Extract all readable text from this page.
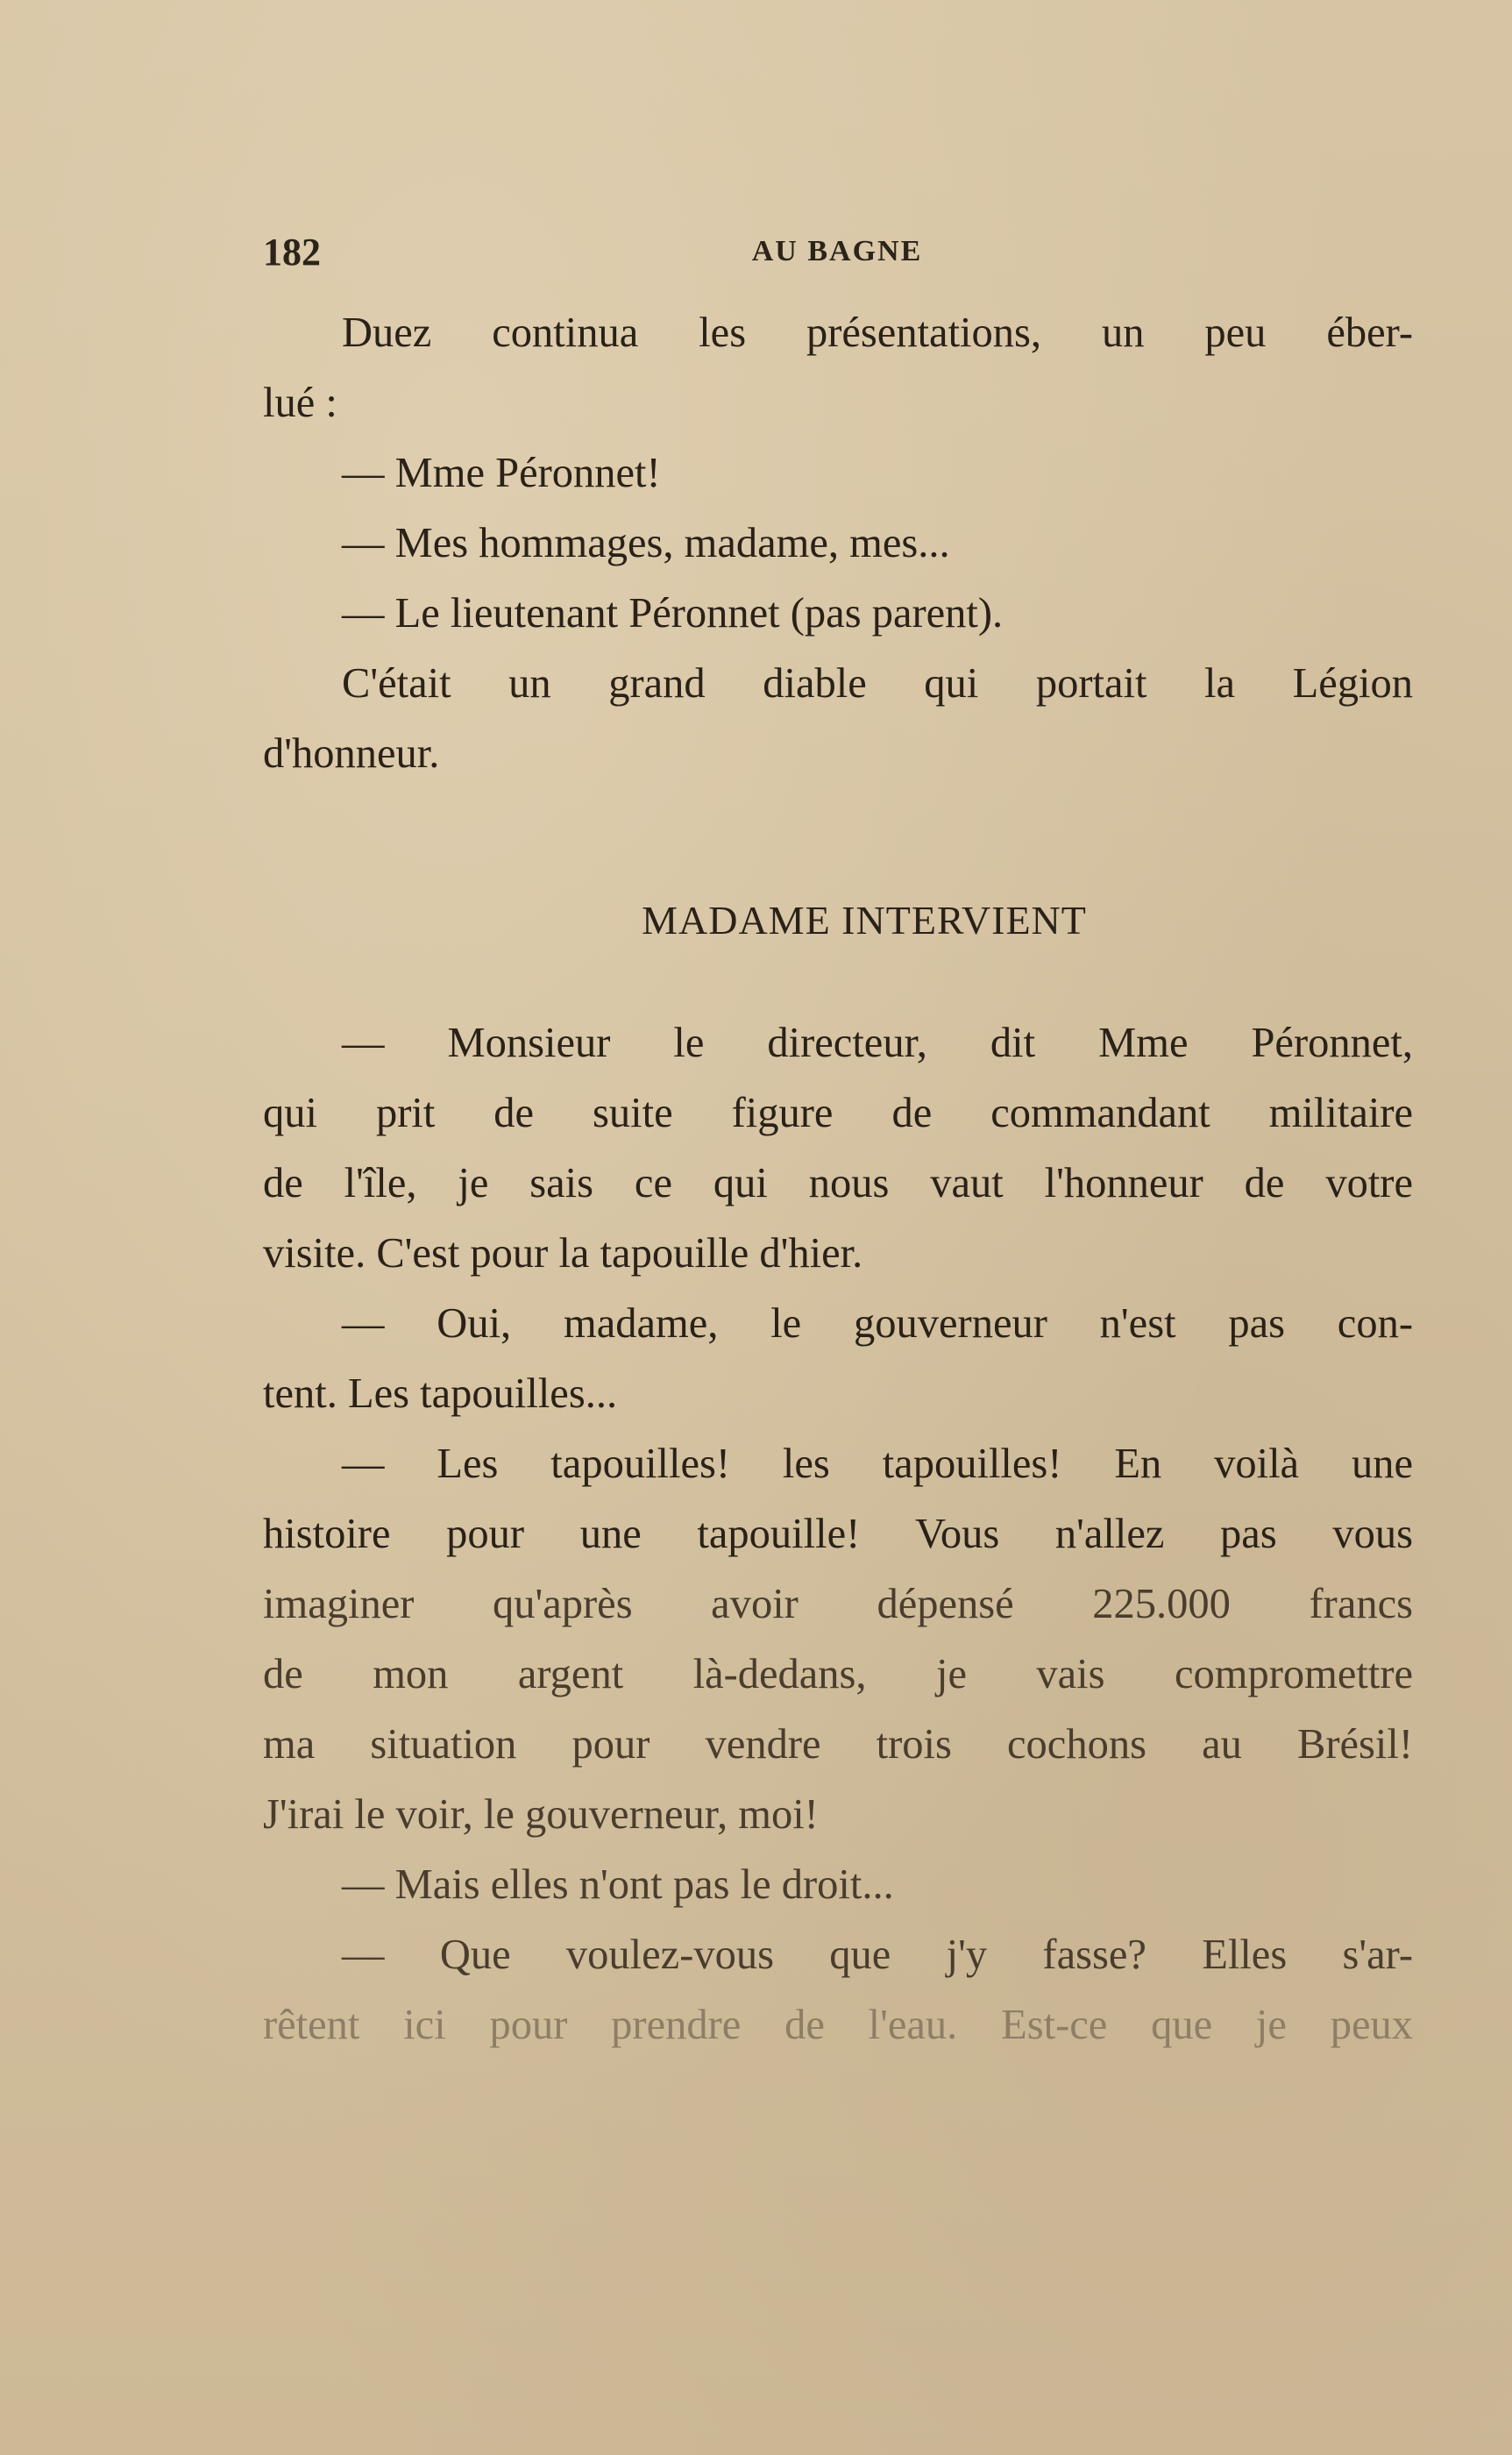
182	AU BAGNE
Duez continua les présentations, un peu éber-
lué :
— Mme Péronnet!
— Mes hommages, madame, mes...
— Le lieutenant Péronnet (pas parent).
C'était un grand diable qui portait la Légion
d'honneur.
MADAME INTERVIENT
— Monsieur le directeur, dit Mme Péronnet,
qui prit de suite figure de commandant militaire
de l'île, je sais ce qui nous vaut l'honneur de votre
visite. C'est pour la tapouille d'hier.
— Oui, madame, le gouverneur n'est pas con-
tent. Les tapouilles...
— Les tapouilles! les tapouilles! En voilà une
histoire pour une tapouille! Vous n'allez pas vous
imaginer qu'après avoir dépensé 225.000 francs
de mon argent là-dedans, je vais compromettre
ma situation pour vendre trois cochons au Brésil!
J'irai le voir, le gouverneur, moi!
— Mais elles n'ont pas le droit...
— Que voulez-vous que j'y fasse? Elles s'ar-
rêtent ici pour prendre de l'eau. Est-ce que je peux
